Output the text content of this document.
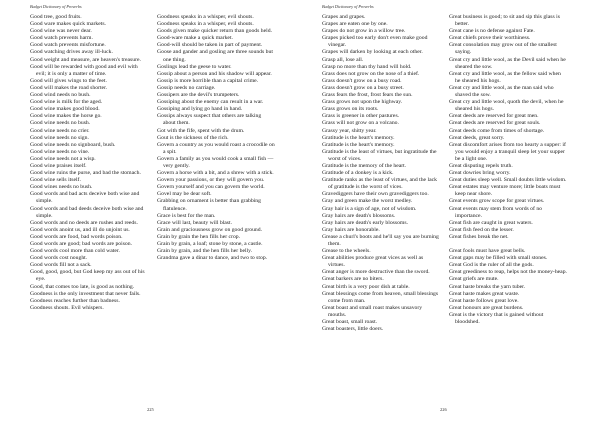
Budget Dictionary of Proverbs

Good tree, good fruits.

Good ware makes quick markets.

Good wine was never dear.

Good watch prevents harm.

Good watch prevents misfortune.

Good watching drives away ill-luck.

Good weight and measure, are heaven's treasure.

Good will be rewarded with good and evil with evil; it is only a matter of time.

Good will gives wings to the feet.

Good will makes the road shorter.

Good wind needs no bush.

Good wine is milk for the aged.

Good wine makes good blood.

Good wine makes the horse go.

Good wine needs no bush.

Good wine needs no crier.

Good wine needs no sign.

Good wine needs no signboard, bush.

Good wine needs no vine.

Good wine needs not a wisp.

Good wine praises itself.

Good wine ruins the purse, and bad the stomach.

Good wine sells itself.

Good wines needs no bush.

Good words and bad acts deceive both wise and simple.

Good words and bad deeds deceive both wise and simple.

Good words and no deeds are rushes and reeds.

Good words anoint us, and ill do unjoint us.

Good words are food, bad words poison.

Good words are good; bad words are poison.

Good words cool more than cold water.

Good words cost nought.

Good words fill not a sack.

Good, good, good, but God keep my ass out of his eye.

Good, that comes too late, is good as nothing.

Goodness is the only investment that never fails.

Goodness reaches further than badness.

Goodness shouts. Evil whispers.

Goodness speaks in a whisper, evil shouts.

Goodness speaks in a whisper, evil shouts.

Goods given make quicker return than goods held.

Good-ware make a quick market.

Good-will should be taken in part of payment.

Goose and gander and gosling are three sounds but one thing.

Goslings lead the geese to water.

Gossip about a person and his shadow will appear.

Gossip is more horrible than a capital crime.

Gossip needs no carriage.

Gossipers are the devil's trumpeters.

Gossiping about the enemy can result in a war.

Gossiping and lying go hand in hand.

Gossips always suspect that others are talking about them.

Got with the fife, spent with the drum.

Gout is the sickness of the rich.

Govern a country as you would roast a crocodile on a spit.

Govern a family as you would cook a small fish — very gently.

Govern a horse with a bit, and a shrew with a stick.

Govern your passions, or they will govern you.

Govern yourself and you can govern the world.

Govel may be dear soft.

Grabbing on ornament is better than grabbing flatulence.

Grace is best for the man.

Grace will last, beauty will blast.

Grain and graciousness grow on good ground.

Grain by grain the hen fills her crop.

Grain by grain, a loaf; stone by stone, a castle.

Grain by grain, and the hen fills her belly.

Grandma gave a dinar to dance, and two to stop.

225
Budget Dictionary of Proverbs

Grapes and grapes.

Grapes are eaten one by one.

Grapes do not grow in a willow tree.

Grapes picked too early don't even make good vinegar.

Grapes will darken by looking at each other.

Grasp all, lose all.

Grasp no more than thy hand will hold.

Grass does not grow on the nose of a thief.

Grass doesn't grow on a busy road.

Grass doesn't grow on a busy street.

Grass fears the frost, frost fears the sun.

Grass grows not upon the highway.

Grass grows on its roots.

Grass is greener in other pastures.

Grass will not grow on a volcano.

Grassy year, shitty year.

Gratitude is the heart's memory.

Gratitude is the heart's memory.

Gratitude is the least of virtues, but ingratitude the worst of vices.

Gratitude is the memory of the heart.

Gratitude of a donkey is a kick.

Gratitude ranks as the least of virtues, and the lack of gratitude is the worst of vices.

Gravediggers have their own gravediggers too.

Gray and green make the worst medley.

Gray hair is a sign of age, not of wisdom.

Gray hairs are death's blossoms.

Gray hairs are death's early blossoms.

Gray hairs are honorable.

Grease a churl's boots and he'll say you are burning them.

Grease to the wheels.

Great abilities produce great vices as well as virtues.

Great anger is more destructive than the sword.

Great barkers are no biters.

Great birth is a very poor dish at table.

Great blessings come from heaven, small blessings come from man.

Great boast and small roast makes unsavory mouths.

Great boast, small roast.

Great boasters, little doers.

Great business is good; to sit and sip this glass is better.

Great cane is no defense against Fate.

Great chiefs prove their worthiness.

Great consolation may grow out of the smallest saying.

Great cry and little wool, as the Devil said when he sheared the sow.

Great cry and little wool, as the fellow said when he sheared his hogs.

Great cry and little wool, as the man said who shaved the sow.

Great cry and little wool, quoth the devil, when he sheared his hogs.

Great deeds are reserved for great men.

Great deeds are reserved for great souls.

Great deeds come from times of shortage.

Great deeds, great sorry.

Great discomfort arises from too hearty a supper: if you would enjoy a tranquil sleep let your supper be a light one.

Great disputing repels truth.

Great dowries bring worry.

Great duties sleep well. Small doubts little wisdom.

Great estates may venture more; little boats must keep near shore.

Great events grow scope for great virtues.

Great events may stem from words of no importance.

Great fish are caught in great waters.

Great fish feed on the lesser.

Great fishes break the net.

Great fools must have great bells.

Great gaps may be filled with small stones.

Great God is the ruler of all the gods.

Great greediness to reap, helps not the money-heap.

Great griefs are mute.

Great haste breaks the yarn tuber.

Great haste makes great waste.

Great haste follows great love.

Great honours are great burdens.

Great is the victory that is gained without bloodshed.

226
